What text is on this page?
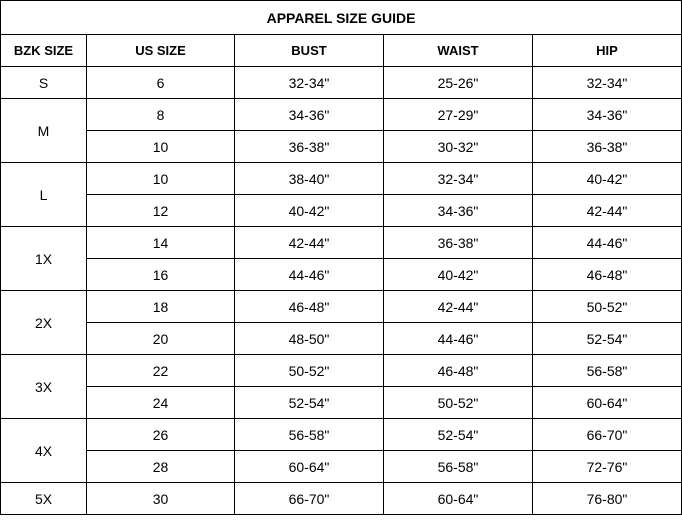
APPAREL SIZE GUIDE				
BZK SIZE	US SIZE	BUST	WAIST	HIP
S	6	32-34"	25-26"	32-34"
M	8	34-36"	27-29"	34-36"
	10	36-38"	30-32"	36-38"
L	10	38-40"	32-34"	40-42"
	12	40-42"	34-36"	42-44"
1X	14	42-44"	36-38"	44-46"
	16	44-46"	40-42"	46-48"
2X	18	46-48"	42-44"	50-52"
	20	48-50"	44-46"	52-54"
3X	22	50-52"	46-48"	56-58"
	24	52-54"	50-52"	60-64"
4X	26	56-58"	52-54"	66-70"
	28	60-64"	56-58"	72-76"
5X	30	66-70"	60-64"	76-80"
